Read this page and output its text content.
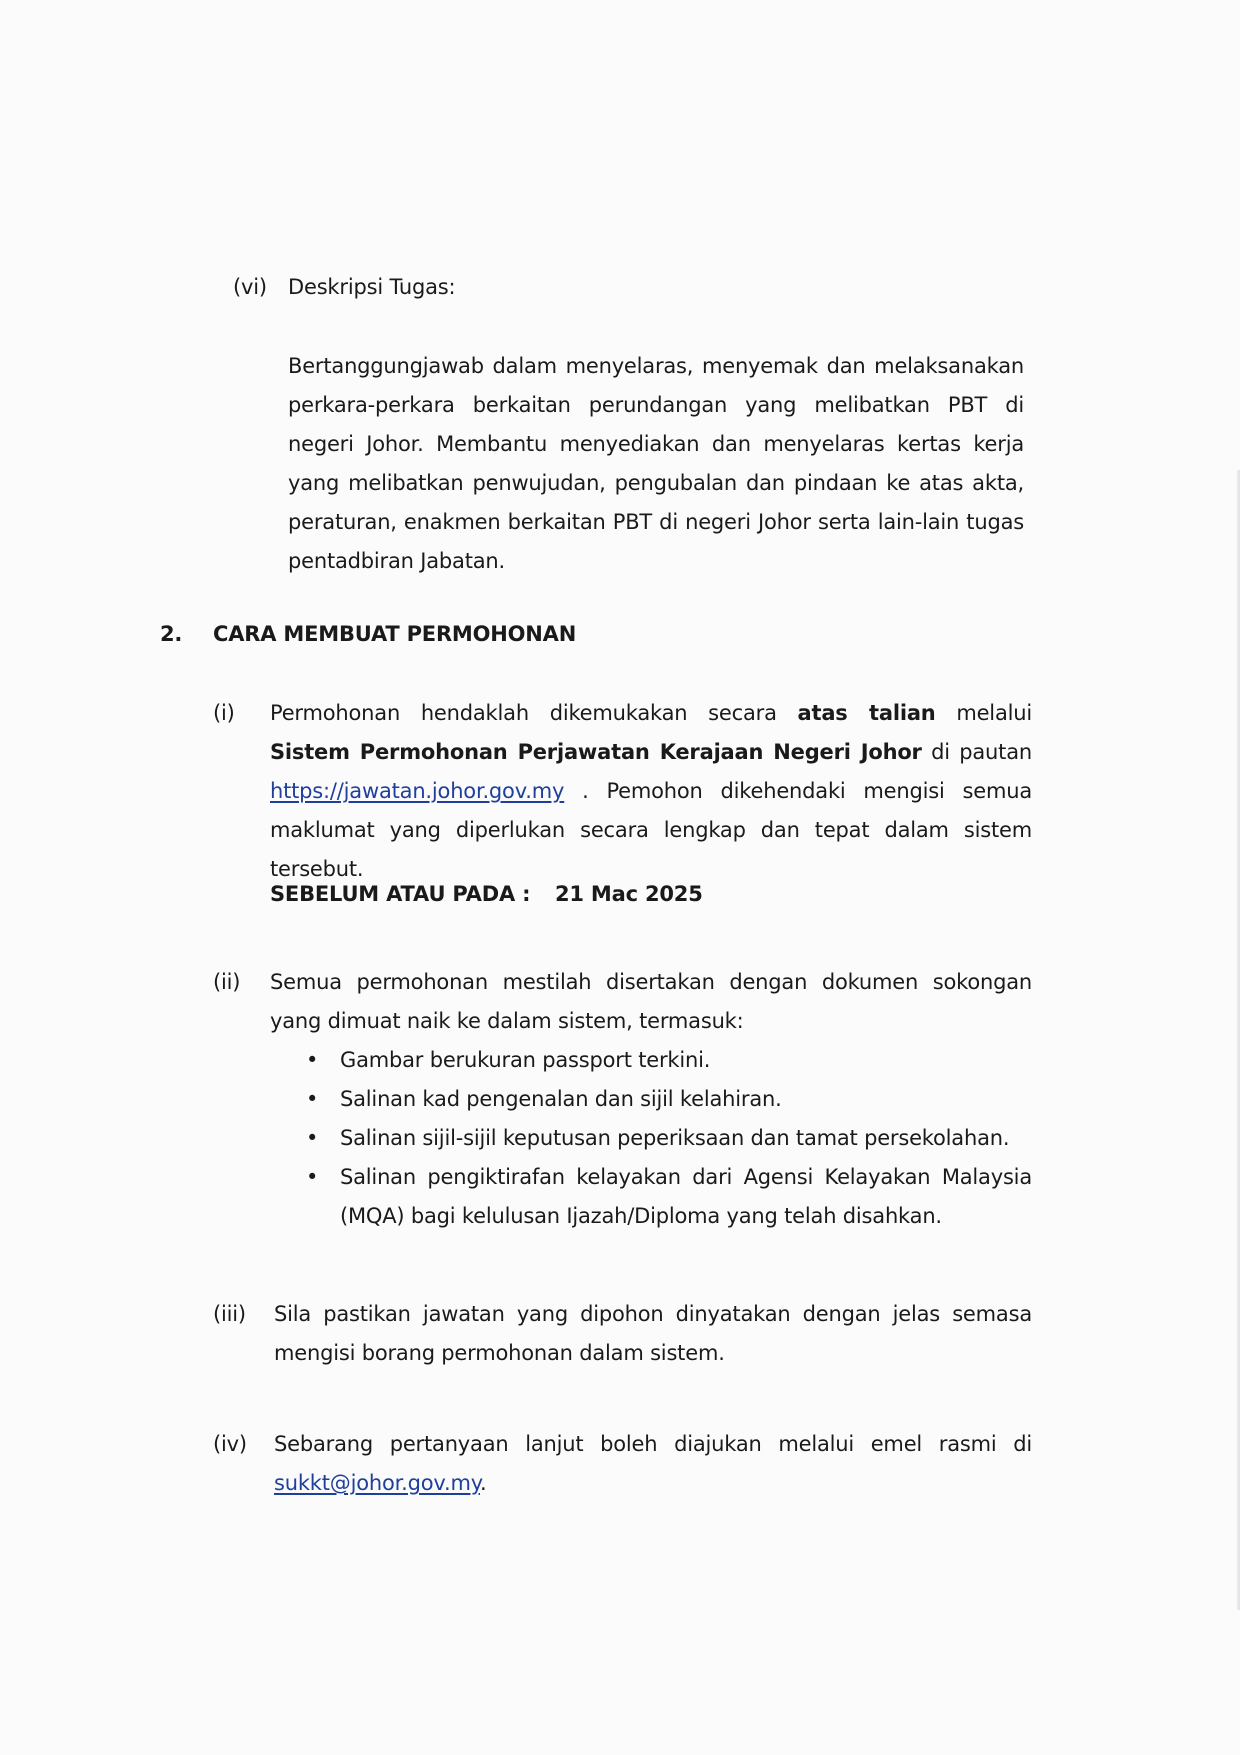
(vi) Deskripsi Tugas:
Bertanggungjawab dalam menyelaras, menyemak dan melaksanakan perkara-perkara berkaitan perundangan yang melibatkan PBT di negeri Johor. Membantu menyediakan dan menyelaras kertas kerja yang melibatkan penwujudan, pengubalan dan pindaan ke atas akta, peraturan, enakmen berkaitan PBT di negeri Johor serta lain-lain tugas pentadbiran Jabatan.
2. CARA MEMBUAT PERMOHONAN
(i) Permohonan hendaklah dikemukakan secara atas talian melalui Sistem Permohonan Perjawatan Kerajaan Negeri Johor di pautan https://jawatan.johor.gov.my . Pemohon dikehendaki mengisi semua maklumat yang diperlukan secara lengkap dan tepat dalam sistem tersebut.
SEBELUM ATAU PADA : 21 Mac 2025
(ii) Semua permohonan mestilah disertakan dengan dokumen sokongan yang dimuat naik ke dalam sistem, termasuk:
• Gambar berukuran passport terkini.
• Salinan kad pengenalan dan sijil kelahiran.
• Salinan sijil-sijil keputusan peperiksaan dan tamat persekolahan.
• Salinan pengiktirafan kelayakan dari Agensi Kelayakan Malaysia (MQA) bagi kelulusan Ijazah/Diploma yang telah disahkan.
(iii) Sila pastikan jawatan yang dipohon dinyatakan dengan jelas semasa mengisi borang permohonan dalam sistem.
(iv) Sebarang pertanyaan lanjut boleh diajukan melalui emel rasmi di sukkt@johor.gov.my.
